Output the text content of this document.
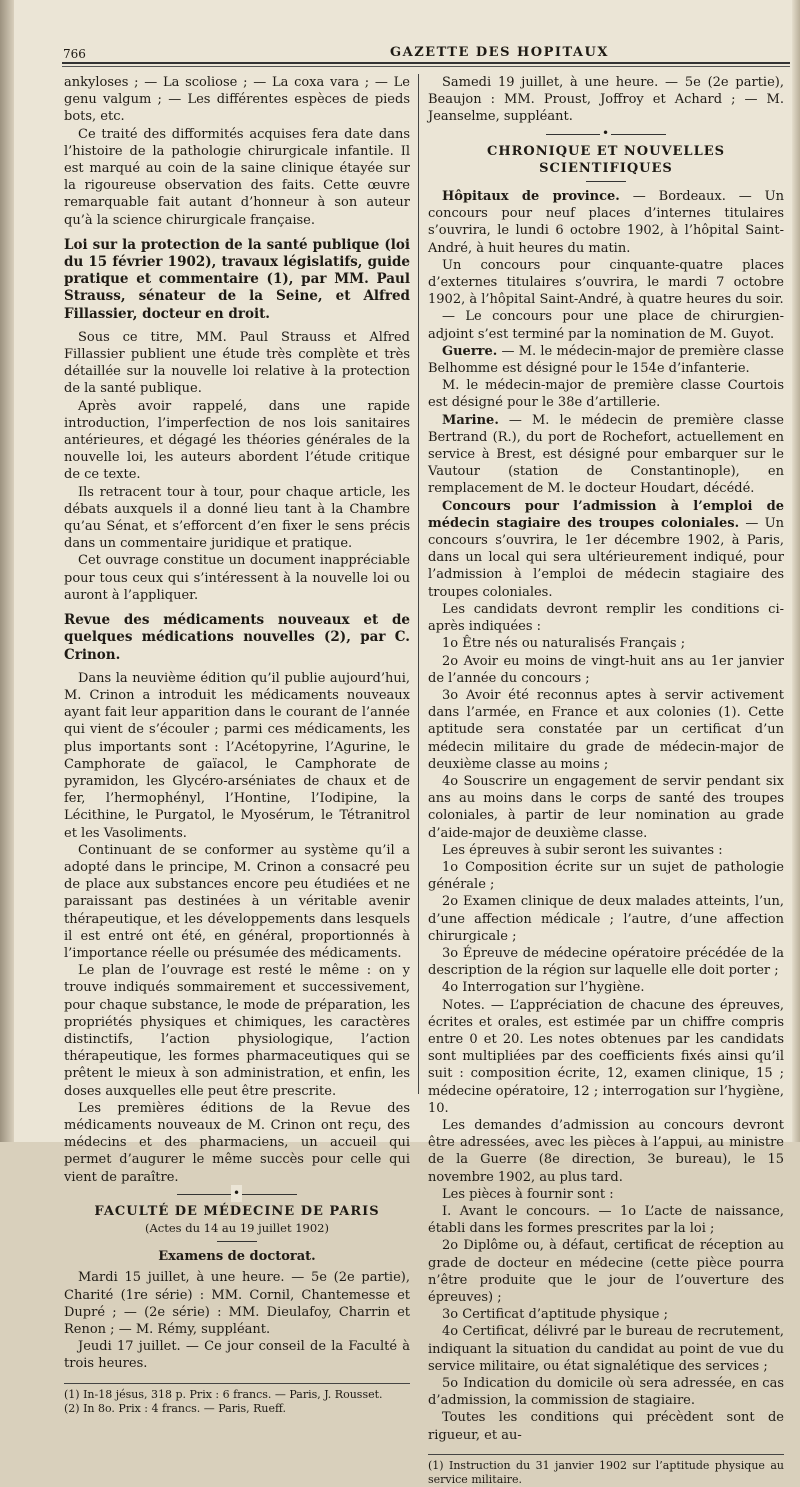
766	GAZETTE DES HOPITAUX

ankyloses ; — La scoliose ; — La coxa vara ; — Le genu valgum ; — Les différentes espèces de pieds bots, etc.

Ce traité des difformités acquises fera date dans l’histoire de la pathologie chirurgicale infantile. Il est marqué au coin de la saine clinique étayée sur la rigoureuse observation des faits. Cette œuvre remarquable fait autant d’honneur à son auteur qu’à la science chirurgicale française.

Loi sur la protection de la santé publique (loi du 15 février 1902), travaux législatifs, guide pratique et commentaire (1), par MM. Paul Strauss, sénateur de la Seine, et Alfred Fillassier, docteur en droit.

Sous ce titre, MM. Paul Strauss et Alfred Fillassier publient une étude très complète et très détaillée sur la nouvelle loi relative à la protection de la santé publique.

Après avoir rappelé, dans une rapide introduction, l’imperfection de nos lois sanitaires antérieures, et dégagé les théories générales de la nouvelle loi, les auteurs abordent l’étude critique de ce texte.

Ils retracent tour à tour, pour chaque article, les débats auxquels il a donné lieu tant à la Chambre qu’au Sénat, et s’efforcent d’en fixer le sens précis dans un commentaire juridique et pratique.

Cet ouvrage constitue un document inappréciable pour tous ceux qui s’intéressent à la nouvelle loi ou auront à l’appliquer.

Revue des médicaments nouveaux et de quelques médications nouvelles (2), par C. Crinon.

Dans la neuvième édition qu’il publie aujourd’hui, M. Crinon a introduit les médicaments nouveaux ayant fait leur apparition dans le courant de l’année qui vient de s’écouler ; parmi ces médicaments, les plus importants sont : l’Acétopyrine, l’Agurine, le Camphorate de gaïacol, le Camphorate de pyramidon, les Glycéro-arséniates de chaux et de fer, l’hermophényl, l’Hontine, l’Iodipine, la Lécithine, le Purgatol, le Myosérum, le Tétranitrol et les Vasoliments.

Continuant de se conformer au système qu’il a adopté dans le principe, M. Crinon a consacré peu de place aux substances encore peu étudiées et ne paraissant pas destinées à un véritable avenir thérapeutique, et les développements dans lesquels il est entré ont été, en général, proportionnés à l’importance réelle ou présumée des médicaments.

Le plan de l’ouvrage est resté le même : on y trouve indiqués sommairement et successivement, pour chaque substance, le mode de préparation, les propriétés physiques et chimiques, les caractères distinctifs, l’action physiologique, l’action thérapeutique, les formes pharmaceutiques qui se prêtent le mieux à son administration, et enfin, les doses auxquelles elle peut être prescrite.

Les premières éditions de la Revue des médicaments nouveaux de M. Crinon ont reçu, des médecins et des pharmaciens, un accueil qui permet d’augurer le même succès pour celle qui vient de paraître.

•

FACULTÉ DE MÉDECINE DE PARIS

(Actes du 14 au 19 juillet 1902)

Examens de doctorat.

Mardi 15 juillet, à une heure. — 5e (2e partie), Charité (1re série) : MM. Cornil, Chantemesse et Dupré ; — (2e série) : MM. Dieulafoy, Charrin et Renon ; — M. Rémy, suppléant.

Jeudi 17 juillet. — Ce jour conseil de la Faculté à trois heures.

(1) In-18 jésus, 318 p. Prix : 6 francs. — Paris, J. Rousset.

(2) In 8o. Prix : 4 francs. — Paris, Rueff.

Samedi 19 juillet, à une heure. — 5e (2e partie), Beaujon : MM. Proust, Joffroy et Achard ; — M. Jeanselme, suppléant.

•

CHRONIQUE ET NOUVELLES SCIENTIFIQUES

Hôpitaux de province. — Bordeaux. — Un concours pour neuf places d’internes titulaires s’ouvrira, le lundi 6 octobre 1902, à l’hôpital Saint-André, à huit heures du matin.

Un concours pour cinquante-quatre places d’externes titulaires s’ouvrira, le mardi 7 octobre 1902, à l’hôpital Saint-André, à quatre heures du soir.

— Le concours pour une place de chirurgien-adjoint s’est terminé par la nomination de M. Guyot.

Guerre. — M. le médecin-major de première classe Belhomme est désigné pour le 154e d’infanterie.

M. le médecin-major de première classe Courtois est désigné pour le 38e d’artillerie.

Marine. — M. le médecin de première classe Bertrand (R.), du port de Rochefort, actuellement en service à Brest, est désigné pour embarquer sur le Vautour (station de Constantinople), en remplacement de M. le docteur Houdart, décédé.

Concours pour l’admission à l’emploi de médecin stagiaire des troupes coloniales. — Un concours s’ouvrira, le 1er décembre 1902, à Paris, dans un local qui sera ultérieurement indiqué, pour l’admission à l’emploi de médecin stagiaire des troupes coloniales.

Les candidats devront remplir les conditions ci-après indiquées :

1o Être nés ou naturalisés Français ;

2o Avoir eu moins de vingt-huit ans au 1er janvier de l’année du concours ;

3o Avoir été reconnus aptes à servir activement dans l’armée, en France et aux colonies (1). Cette aptitude sera constatée par un certificat d’un médecin militaire du grade de médecin-major de deuxième classe au moins ;

4o Souscrire un engagement de servir pendant six ans au moins dans le corps de santé des troupes coloniales, à partir de leur nomination au grade d’aide-major de deuxième classe.

Les épreuves à subir seront les suivantes :

1o Composition écrite sur un sujet de pathologie générale ;

2o Examen clinique de deux malades atteints, l’un, d’une affection médicale ; l’autre, d’une affection chirurgicale ;

3o Épreuve de médecine opératoire précédée de la description de la région sur laquelle elle doit porter ;

4o Interrogation sur l’hygiène.

Notes. — L’appréciation de chacune des épreuves, écrites et orales, est estimée par un chiffre compris entre 0 et 20. Les notes obtenues par les candidats sont multipliées par des coefficients fixés ainsi qu’il suit : composition écrite, 12, examen clinique, 15 ; médecine opératoire, 12 ; interrogation sur l’hygiène, 10.

Les demandes d’admission au concours devront être adressées, avec les pièces à l’appui, au ministre de la Guerre (8e direction, 3e bureau), le 15 novembre 1902, au plus tard.

Les pièces à fournir sont :

I. Avant le concours. — 1o L’acte de naissance, établi dans les formes prescrites par la loi ;

2o Diplôme ou, à défaut, certificat de réception au grade de docteur en médecine (cette pièce pourra n’être produite que le jour de l’ouverture des épreuves) ;

3o Certificat d’aptitude physique ;

4o Certificat, délivré par le bureau de recrutement, indiquant la situation du candidat au point de vue du service militaire, ou état signalétique des services ;

5o Indication du domicile où sera adressée, en cas d’admission, la commission de stagiaire.

Toutes les conditions qui précèdent sont de rigueur, et au-

(1) Instruction du 31 janvier 1902 sur l’aptitude physique au service militaire.
